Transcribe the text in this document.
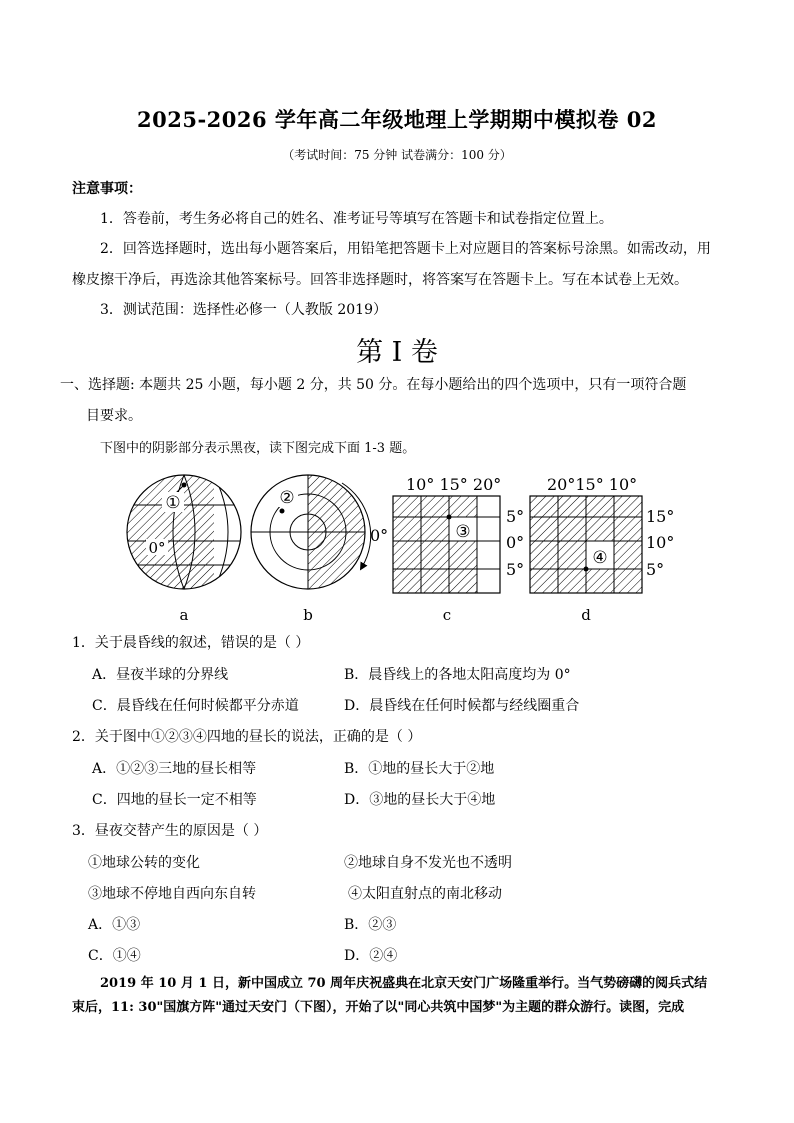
2025-2026 学年高二年级地理上学期期中模拟卷 02
（考试时间：75 分钟 试卷满分：100 分）
注意事项：
1．答卷前，考生务必将自己的姓名、准考证号等填写在答题卡和试卷指定位置上。
2．回答选择题时，选出每小题答案后，用铅笔把答题卡上对应题目的答案标号涂黑。如需改动，用
橡皮擦干净后，再选涂其他答案标号。回答非选择题时，将答案写在答题卡上。写在本试卷上无效。
3．测试范围：选择性必修一（人教版 2019）
第 I 卷
一、选择题: 本题共 25 小题，每小题 2 分，共 50 分。在每小题给出的四个选项中，只有一项符合题
目要求。
下图中的阴影部分表示黑夜，读下图完成下面 1-3 题。
①
0°
②
0°
10° 15° 20°
③
5°
0°
5°
20°15° 10°
④
15°
10°
5°
a	b	c	d
1．关于晨昏线的叙述，错误的是（ ）
A．昼夜半球的分界线	B．晨昏线上的各地太阳高度均为 0°
C．晨昏线在任何时候都平分赤道	D．晨昏线在任何时候都与经线圈重合
2．关于图中①②③④四地的昼长的说法，正确的是（ ）
A．①②③三地的昼长相等	B．①地的昼长大于②地
C．四地的昼长一定不相等	D．③地的昼长大于④地
3．昼夜交替产生的原因是（ ）
①地球公转的变化	②地球自身不发光也不透明
③地球不停地自西向东自转	④太阳直射点的南北移动
A．①③	B．②③
C．①④	D．②④
2019 年 10 月 1 日，新中国成立 70 周年庆祝盛典在北京天安门广场隆重举行。当气势磅礴的阅兵式结
束后，11: 30"国旗方阵"通过天安门（下图），开始了以"同心共筑中国梦"为主题的群众游行。读图，完成
